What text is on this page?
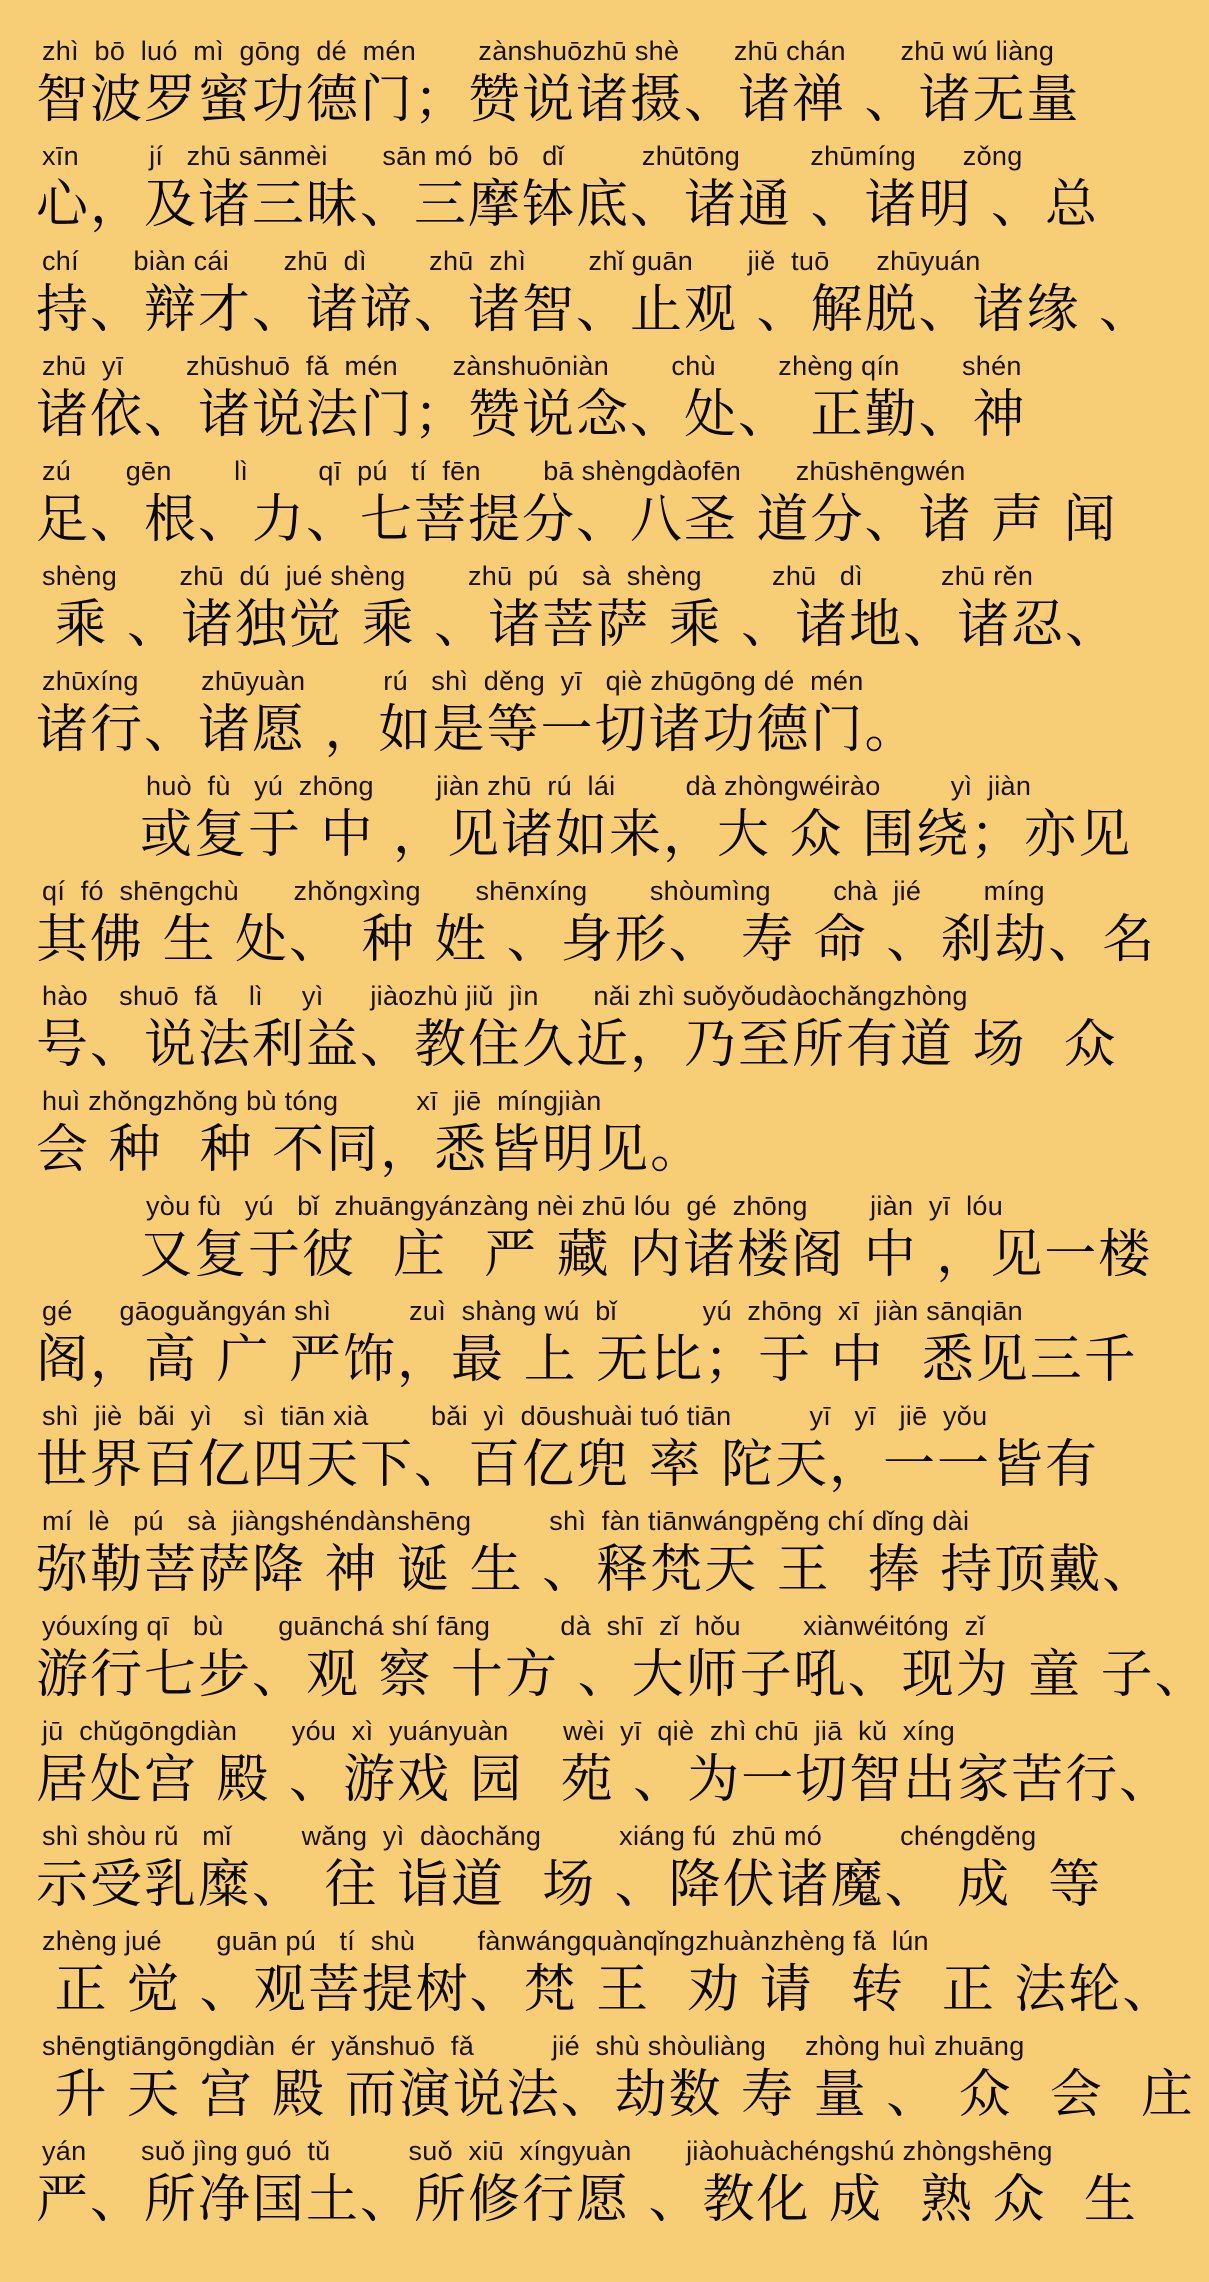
zhì  bō  luó  mì  gōng  dé  mén        zànshuōzhū shè       zhū chán       zhū wú liàng
智波罗蜜功德门；赞说诸摄、诸禅 、诸无量
xīn         jí   zhū sānmèi       sān mó  bō   dǐ          zhūtōng         zhūmíng      zǒng
心，及诸三昧、三摩钵底、诸通 、诸明 、总
chí       biàn cái       zhū  dì        zhū  zhì        zhǐ guān       jiě  tuō      zhūyuán
持、辩才、诸谛、诸智、止观 、解脱、诸缘 、
zhū  yī        zhūshuō  fǎ  mén       zànshuōniàn        chù        zhèng qín        shén
诸依、诸说法门；赞说念、处、 正勤、神
zú       gēn        lì         qī  pú   tí  fēn        bā shèngdàofēn       zhūshēngwén
足、根、力、七菩提分、八圣 道分、诸 声 闻
shèng        zhū  dú  jué shèng        zhū  pú   sà  shèng         zhū   dì          zhū rěn
乘 、诸独觉 乘 、诸菩萨 乘 、诸地、诸忍、
zhūxíng        zhūyuàn          rú   shì  děng  yī   qiè zhūgōng dé  mén
诸行、诸愿 ，如是等一切诸功德门。
huò  fù   yú  zhōng        jiàn zhū  rú  lái         dà zhòngwéirào         yì  jiàn
或复于 中 ，见诸如来，大 众 围绕；亦见
qí  fó  shēngchù       zhǒngxìng       shēnxíng        shòumìng        chà  jié        míng
其佛 生 处、 种 姓 、身形、 寿 命 、刹劫、名
hào    shuō  fǎ    lì     yì      jiàozhù jiǔ  jìn       nǎi zhì suǒyǒudàochǎngzhòng
号、说法利益、教住久近，乃至所有道 场  众
huì zhǒngzhǒng bù tóng          xī  jiē  míngjiàn
会 种  种 不同，悉皆明见。
yòu fù   yú   bǐ  zhuāngyánzàng nèi zhū lóu  gé  zhōng        jiàn  yī  lóu
又复于彼  庄  严 藏 内诸楼阁 中 ，见一楼
gé      gāoguǎngyán shì          zuì  shàng wú  bǐ           yú  zhōng  xī  jiàn sānqiān
阁，高 广 严饰，最 上 无比；于 中  悉见三千
shì  jiè  bǎi  yì    sì  tiān xià        bǎi  yì  dōushuài tuó tiān          yī   yī   jiē  yǒu
世界百亿四天下、百亿兜 率 陀天，一一皆有
mí  lè   pú   sà  jiàngshéndànshēng          shì  fàn tiānwángpěng chí dǐng dài
弥勒菩萨降 神 诞 生 、释梵天 王  捧 持顶戴、
yóuxíng qī   bù       guānchá shí fāng         dà  shī  zǐ  hǒu        xiànwéitóng  zǐ
游行七步、观 察 十方 、大师子吼、现为 童 子、
jū  chǔgōngdiàn       yóu  xì  yuányuàn       wèi  yī  qiè  zhì chū  jiā  kǔ  xíng
居处宫 殿 、游戏 园  苑 、为一切智出家苦行、
shì shòu rǔ   mǐ         wǎng  yì  dàochǎng          xiáng fú  zhū mó          chéngděng
示受乳糜、 往 诣道  场 、降伏诸魔、 成  等
zhèng jué       guān pú   tí  shù        fànwángquànqǐngzhuànzhèng fǎ  lún
正 觉 、观菩提树、梵 王  劝 请  转  正 法轮、
shēngtiāngōngdiàn  ér  yǎnshuō  fǎ          jié  shù shòuliàng     zhòng huì zhuāng
升 天 宫 殿 而演说法、劫数 寿 量 、 众  会  庄
yán       suǒ jìng guó  tǔ          suǒ  xiū  xíngyuàn       jiàohuàchéngshú zhòngshēng
严、所净国土、所修行愿 、教化 成  熟 众  生
